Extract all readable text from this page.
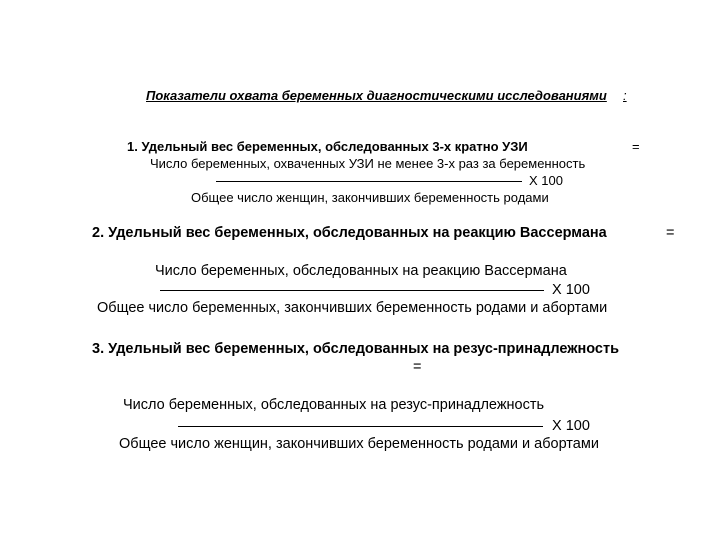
Показатели охвата беременных диагностическими исследованиями :
1. Удельный вес беременных, обследованных 3-х кратно УЗИ	=
Число беременных, охваченных УЗИ не менее 3-х раз за беременность
Х 100
Общее число женщин, закончивших беременность родами
2. Удельный вес беременных, обследованных на реакцию Вассермана	=
Число беременных, обследованных на реакцию Вассермана
Х 100
Общее число беременных, закончивших беременность родами и абортами
3. Удельный вес беременных, обследованных на резус-принадлежность
=
Число беременных, обследованных на резус-принадлежность
Х 100
Общее число женщин, закончивших беременность родами и абортами
